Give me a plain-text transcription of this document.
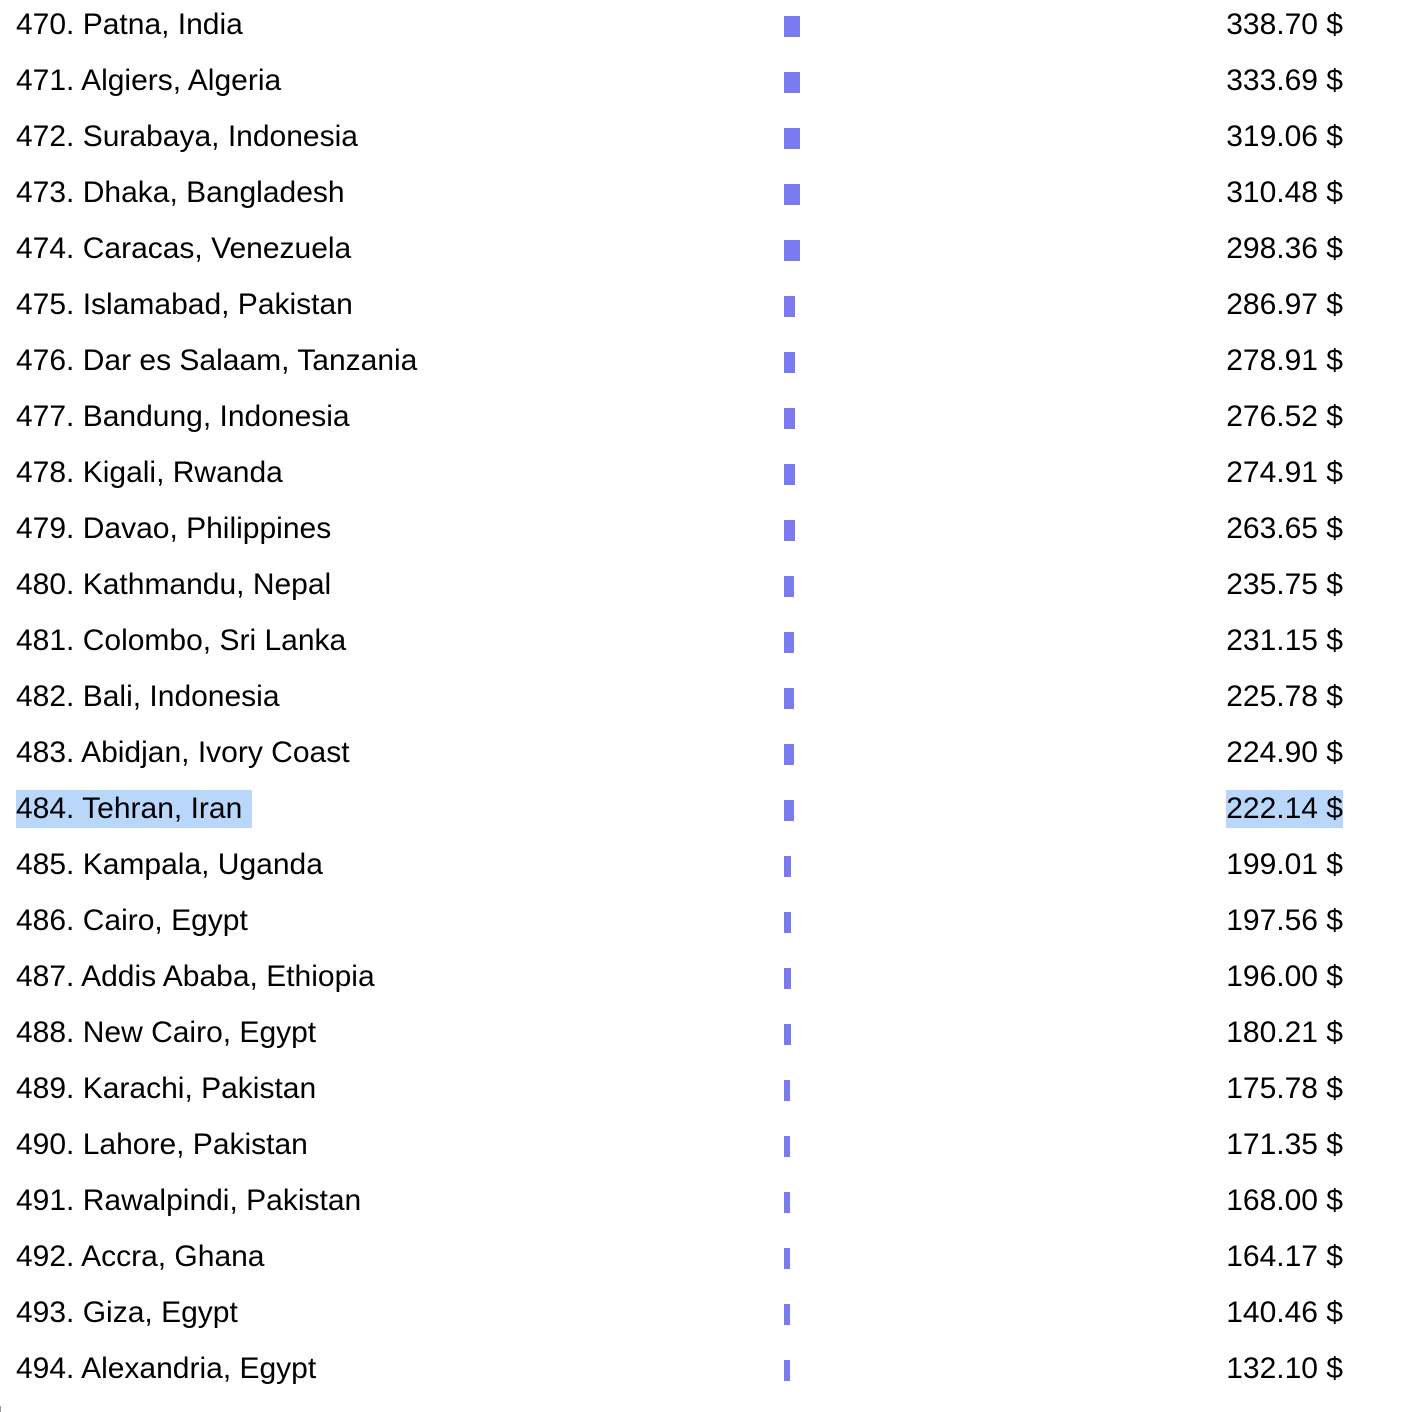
470. Patna, India	338.70 $
471. Algiers, Algeria	333.69 $
472. Surabaya, Indonesia	319.06 $
473. Dhaka, Bangladesh	310.48 $
474. Caracas, Venezuela	298.36 $
475. Islamabad, Pakistan	286.97 $
476. Dar es Salaam, Tanzania	278.91 $
477. Bandung, Indonesia	276.52 $
478. Kigali, Rwanda	274.91 $
479. Davao, Philippines	263.65 $
480. Kathmandu, Nepal	235.75 $
481. Colombo, Sri Lanka	231.15 $
482. Bali, Indonesia	225.78 $
483. Abidjan, Ivory Coast	224.90 $
484. Tehran, Iran	222.14 $
485. Kampala, Uganda	199.01 $
486. Cairo, Egypt	197.56 $
487. Addis Ababa, Ethiopia	196.00 $
488. New Cairo, Egypt	180.21 $
489. Karachi, Pakistan	175.78 $
490. Lahore, Pakistan	171.35 $
491. Rawalpindi, Pakistan	168.00 $
492. Accra, Ghana	164.17 $
493. Giza, Egypt	140.46 $
494. Alexandria, Egypt	132.10 $
